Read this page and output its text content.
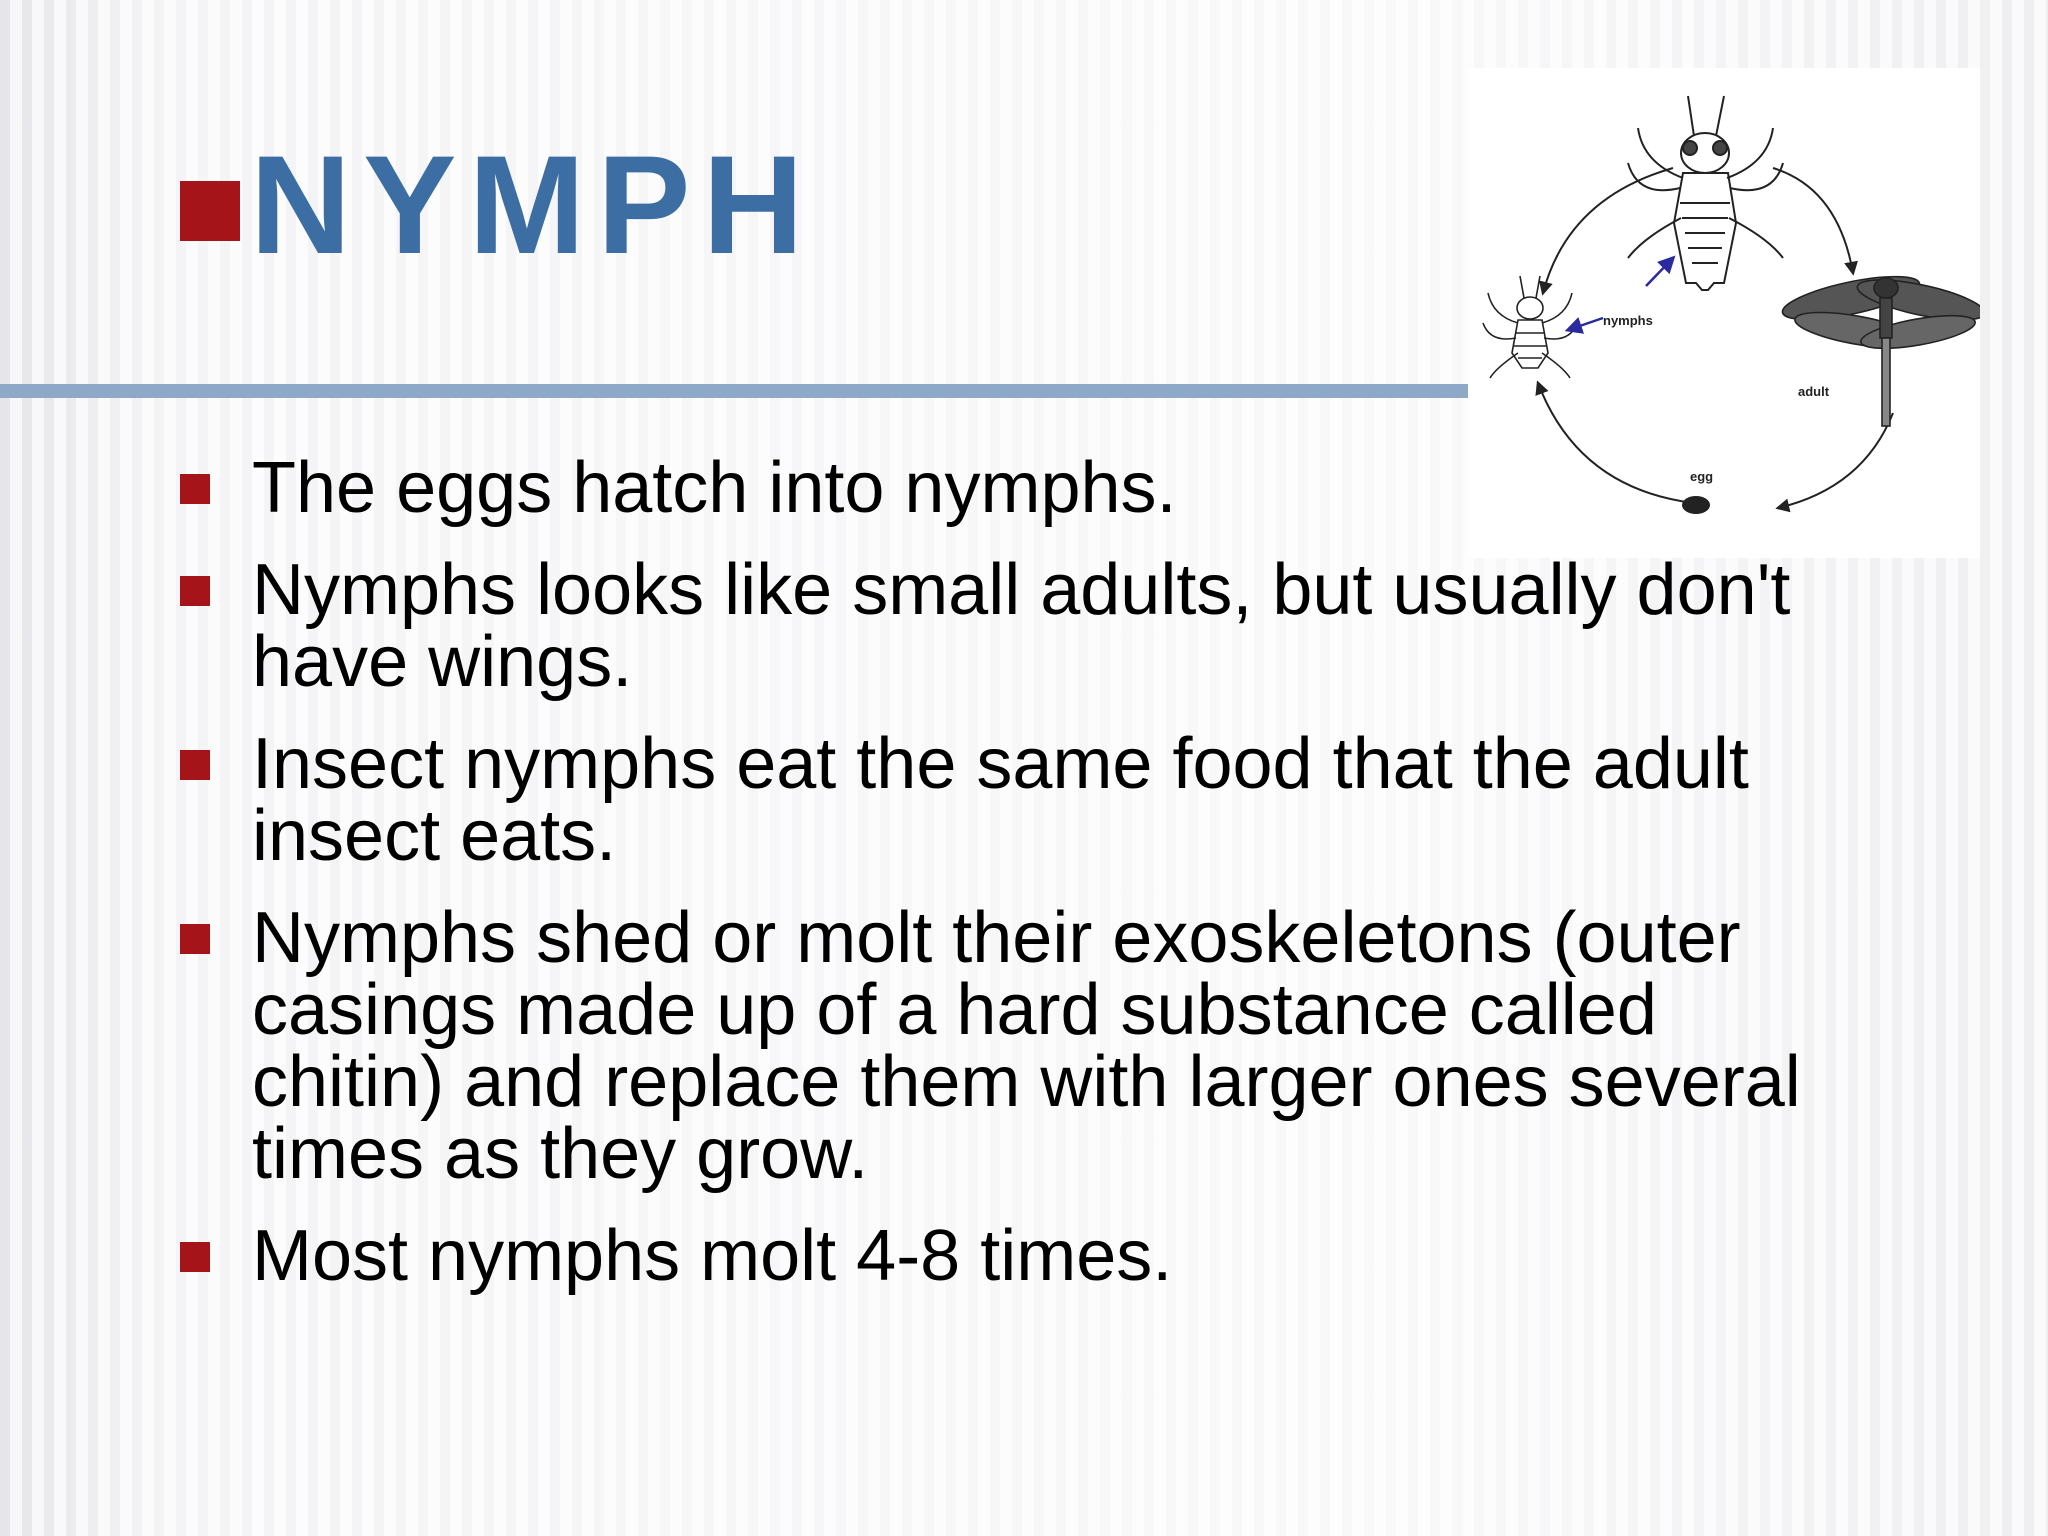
NYMPH
nymphs
adult
egg
The eggs hatch into nymphs.
Nymphs looks like small adults, but usually don't have wings.
Insect nymphs eat the same food that the adult insect eats.
Nymphs shed or molt their exoskeletons (outer casings made up of a hard substance called chitin) and replace them with larger ones several times as they grow.
Most nymphs molt 4-8 times.
